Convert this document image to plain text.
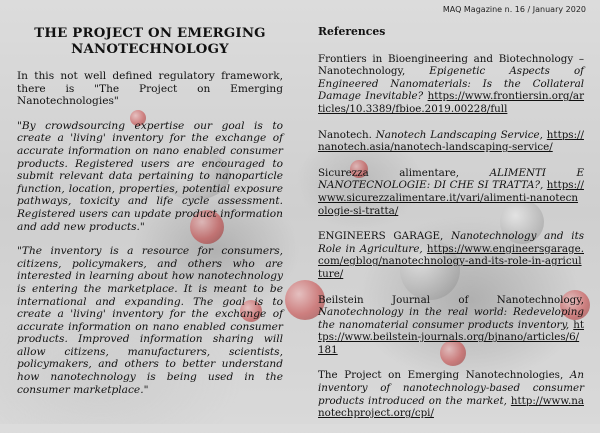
MAQ Magazine n. 16 / January 2020
THE PROJECT ON EMERGING NANOTECHNOLOGY

In this not well defined regulatory framework, there is "The Project on Emerging Nanotechnologies"

"By crowdsourcing expertise our goal is to create a 'living' inventory for the exchange of accurate information on nano enabled consumer products. Registered users are encouraged to submit relevant data pertaining to nanoparticle function, location, properties, potential exposure pathways, toxicity and life cycle assessment. Registered users can update product information and add new products."

"The inventory is a resource for consumers, citizens, policymakers, and others who are interested in learning about how nanotechnology is entering the marketplace. It is meant to be international and expanding. The goal is to create a 'living' inventory for the exchange of accurate information on nano enabled consumer products. Improved information sharing will allow citizens, manufacturers, scientists, policymakers, and others to better understand how nanotechnology is being used in the consumer marketplace."

References
Frontiers in Bioengineering and Biotechnology – Nanotechnology, Epigenetic Aspects of Engineered Nanomaterials: Is the Collateral Damage Inevitable? https://www.frontiersin.org/articles/10.3389/fbioe.2019.00228/full
Nanotech. Nanotech Landscaping Service, https://nanotech.asia/nanotech-landscaping-service/
Sicurezza alimentare,	ALIMENTI E NANOTECNOLOGIE: DI CHE SI TRATTA?, https://www.sicurezzalimentare.it/vari/alimenti-nanotecnologie-si-tratta/
ENGINEERS GARAGE, Nanotechnology and its Role in Agriculture, https://www.engineersgarage.com/egblog/nanotechnology-and-its-role-in-agriculture/
Beilstein Journal of Nanotechnology, Nanotechnology in the real world: Redeveloping the nanomaterial consumer products inventory, https://www.beilstein-journals.org/bjnano/articles/6/181
The Project on Emerging Nanotechnologies, An inventory of nanotechnology-based consumer products introduced on the market, http://www.nanotechproject.org/cpi/
